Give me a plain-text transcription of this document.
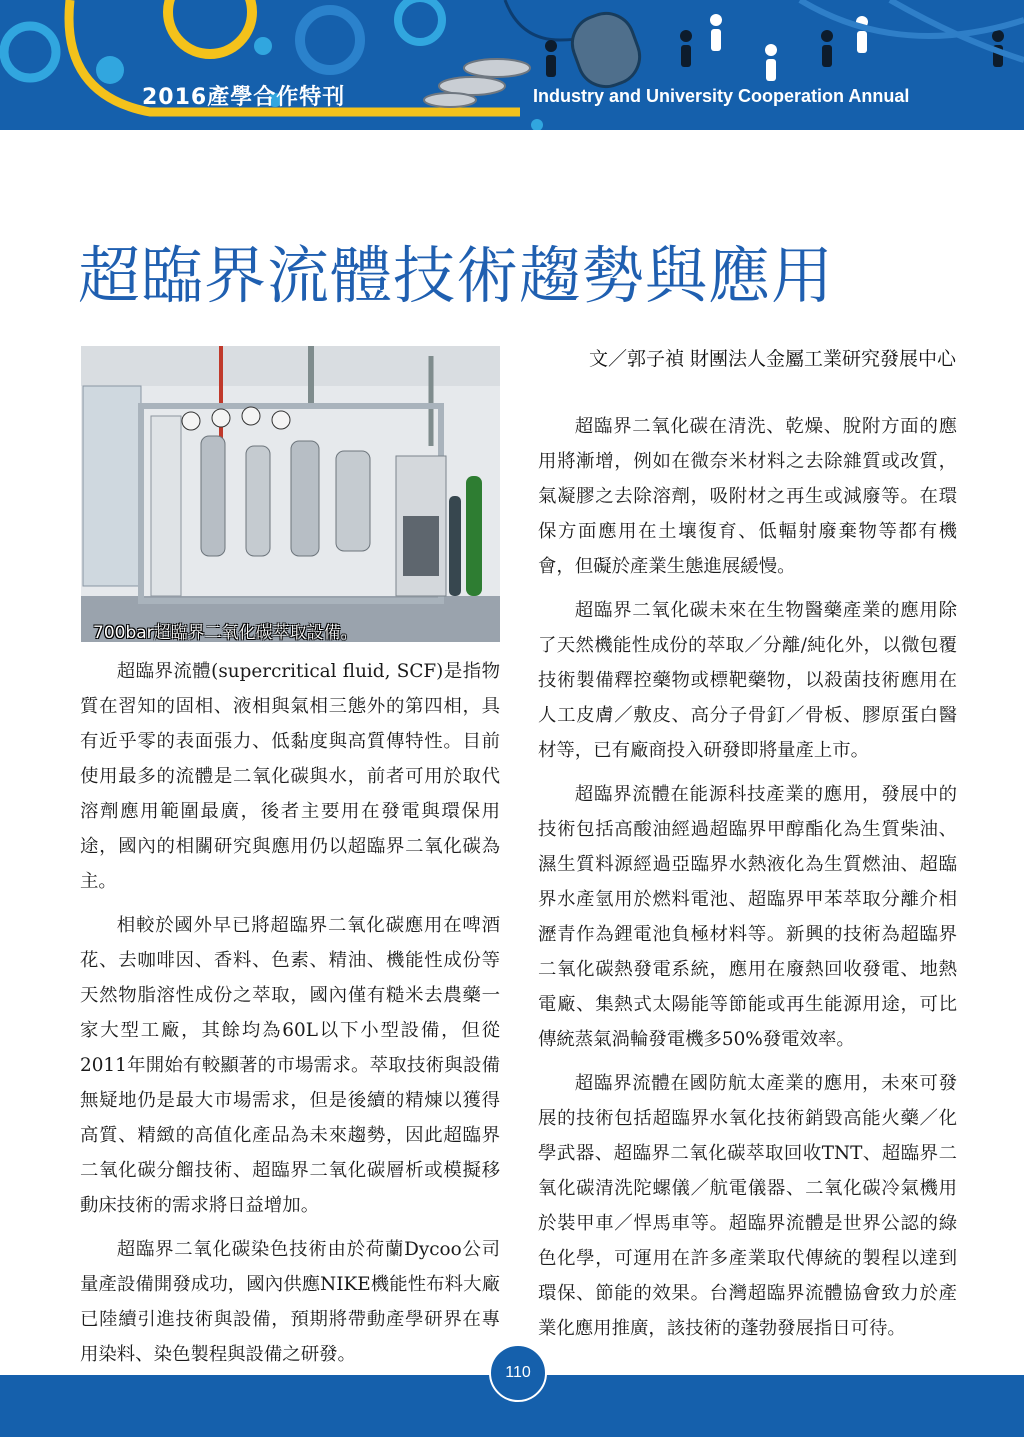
2016產學合作特刊	Industry and University Cooperation Annual
超臨界流體技術趨勢與應用
700bar超臨界二氧化碳萃取設備。
文／郭子禎 財團法人金屬工業研究發展中心

超臨界流體(supercritical fluid, SCF)是指物質在習知的固相、液相與氣相三態外的第四相，具有近乎零的表面張力、低黏度與高質傳特性。目前使用最多的流體是二氧化碳與水，前者可用於取代溶劑應用範圍最廣，後者主要用在發電與環保用途，國內的相關研究與應用仍以超臨界二氧化碳為主。

相較於國外早已將超臨界二氧化碳應用在啤酒花、去咖啡因、香料、色素、精油、機能性成份等天然物脂溶性成份之萃取，國內僅有糙米去農藥一家大型工廠，其餘均為60L以下小型設備，但從2011年開始有較顯著的市場需求。萃取技術與設備無疑地仍是最大市場需求，但是後續的精煉以獲得高質、精緻的高值化產品為未來趨勢，因此超臨界二氧化碳分餾技術、超臨界二氧化碳層析或模擬移動床技術的需求將日益增加。

超臨界二氧化碳染色技術由於荷蘭Dycoo公司量產設備開發成功，國內供應NIKE機能性布料大廠已陸續引進技術與設備，預期將帶動產學研界在專用染料、染色製程與設備之研發。

超臨界二氧化碳在清洗、乾燥、脫附方面的應用將漸增，例如在微奈米材料之去除雜質或改質，氣凝膠之去除溶劑，吸附材之再生或減廢等。在環保方面應用在土壤復育、低輻射廢棄物等都有機會，但礙於產業生態進展緩慢。

超臨界二氧化碳未來在生物醫藥產業的應用除了天然機能性成份的萃取／分離/純化外，以微包覆技術製備釋控藥物或標靶藥物，以殺菌技術應用在人工皮膚／敷皮、高分子骨釘／骨板、膠原蛋白醫材等，已有廠商投入研發即將量產上市。

超臨界流體在能源科技產業的應用，發展中的技術包括高酸油經過超臨界甲醇酯化為生質柴油、濕生質料源經過亞臨界水熱液化為生質燃油、超臨界水產氫用於燃料電池、超臨界甲苯萃取分離介相瀝青作為鋰電池負極材料等。新興的技術為超臨界二氧化碳熱發電系統，應用在廢熱回收發電、地熱電廠、集熱式太陽能等節能或再生能源用途，可比傳統蒸氣渦輪發電機多50%發電效率。

超臨界流體在國防航太產業的應用，未來可發展的技術包括超臨界水氧化技術銷毀高能火藥／化學武器、超臨界二氧化碳萃取回收TNT、超臨界二氧化碳清洗陀螺儀／航電儀器、二氧化碳冷氣機用於裝甲車／悍馬車等。超臨界流體是世界公認的綠色化學，可運用在許多產業取代傳統的製程以達到環保、節能的效果。台灣超臨界流體協會致力於產業化應用推廣，該技術的蓬勃發展指日可待。

110
